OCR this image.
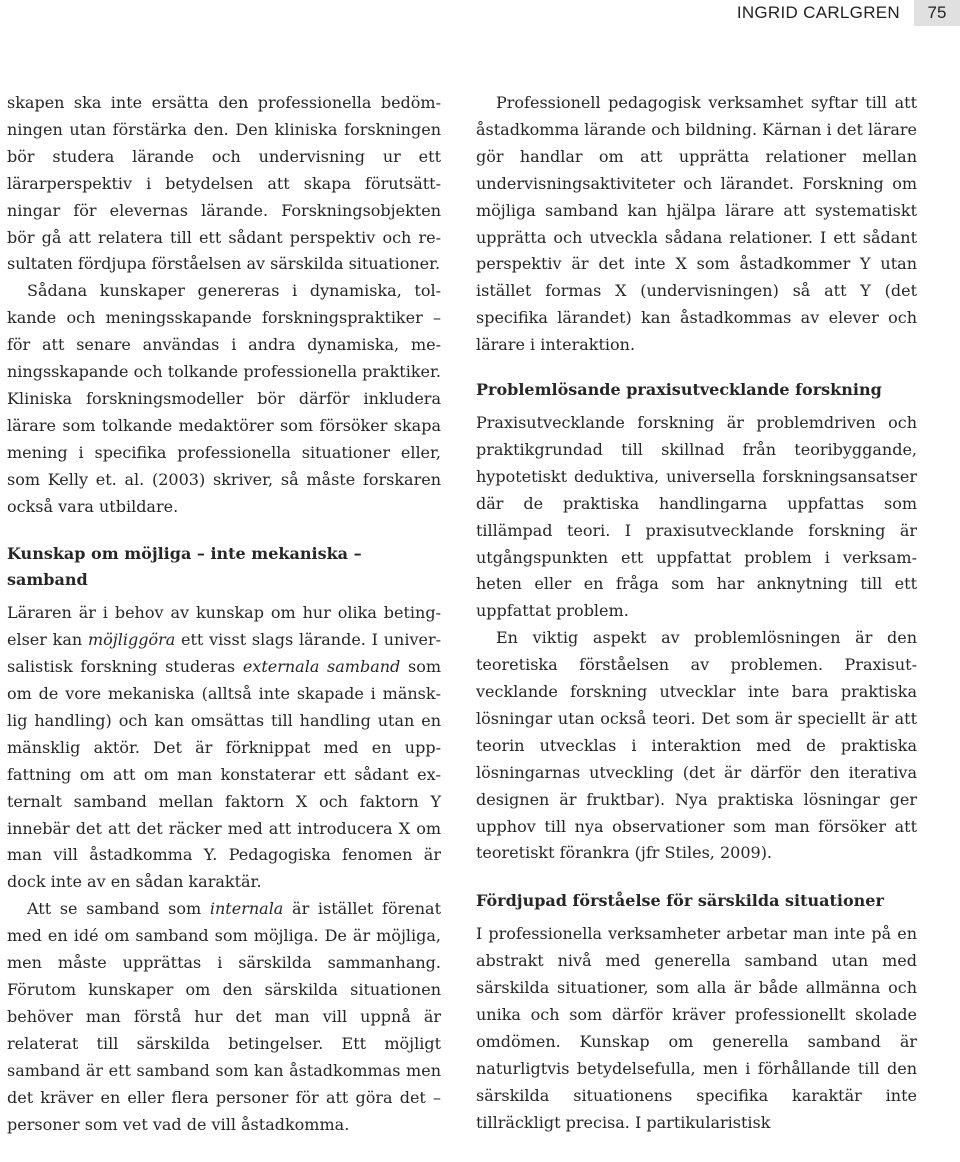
INGRID CARLGREN	75

skapen ska inte ersätta den professionella bedömningen utan förstärka den. Den kliniska forskningen bör studera lärande och undervisning ur ett lärarperspektiv i betydelsen att skapa förutsättningar för elevernas lärande. Forskningsobjekten bör gå att relatera till ett sådant perspektiv och resultaten fördjupa förståelsen av särskilda situationer.

Sådana kunskaper genereras i dynamiska, tolkande och meningsskapande forskningspraktiker – för att senare användas i andra dynamiska, meningsskapande och tolkande professionella praktiker. Kliniska forskningsmodeller bör därför inkludera lärare som tolkande medaktörer som försöker skapa mening i specifika professionella situationer eller, som Kelly et. al. (2003) skriver, så måste forskaren också vara utbildare.

Kunskap om möjliga – inte mekaniska – samband

Läraren är i behov av kunskap om hur olika betingelser kan möjliggöra ett visst slags lärande. I universalistisk forskning studeras externala samband som om de vore mekaniska (alltså inte skapade i mänsklig handling) och kan omsättas till handling utan en mänsklig aktör. Det är förknippat med en uppfattning om att om man konstaterar ett sådant externalt samband mellan faktorn X och faktorn Y innebär det att det räcker med att introducera X om man vill åstadkomma Y. Pedagogiska fenomen är dock inte av en sådan karaktär.

Att se samband som internala är istället förenat med en idé om samband som möjliga. De är möjliga, men måste upprättas i särskilda sammanhang. Förutom kunskaper om den särskilda situationen behöver man förstå hur det man vill uppnå är relaterat till särskilda betingelser. Ett möjligt samband är ett samband som kan åstadkommas men det kräver en eller flera personer för att göra det – personer som vet vad de vill åstadkomma.

Professionell pedagogisk verksamhet syftar till att åstadkomma lärande och bildning. Kärnan i det lärare gör handlar om att upprätta relationer mellan undervisningsaktiviteter och lärandet. Forskning om möjliga samband kan hjälpa lärare att systematiskt upprätta och utveckla sådana relationer. I ett sådant perspektiv är det inte X som åstadkommer Y utan istället formas X (undervisningen) så att Y (det specifika lärandet) kan åstadkommas av elever och lärare i interaktion.

Problemlösande praxisutvecklande forskning

Praxisutvecklande forskning är problemdriven och praktikgrundad till skillnad från teoribyggande, hypotetiskt deduktiva, universella forskningsansatser där de praktiska handlingarna uppfattas som tillämpad teori. I praxisutvecklande forskning är utgångspunkten ett uppfattat problem i verksamheten eller en fråga som har anknytning till ett uppfattat problem.

En viktig aspekt av problemlösningen är den teoretiska förståelsen av problemen. Praxisutvecklande forskning utvecklar inte bara praktiska lösningar utan också teori. Det som är speciellt är att teorin utvecklas i interaktion med de praktiska lösningarnas utveckling (det är därför den iterativa designen är fruktbar). Nya praktiska lösningar ger upphov till nya observationer som man försöker att teoretiskt förankra (jfr Stiles, 2009).

Fördjupad förståelse för särskilda situationer

I professionella verksamheter arbetar man inte på en abstrakt nivå med generella samband utan med särskilda situationer, som alla är både allmänna och unika och som därför kräver professionellt skolade omdömen. Kunskap om generella samband är naturligtvis betydelsefulla, men i förhållande till den särskilda situationens specifika karaktär inte tillräckligt precisa. I partikularistisk
